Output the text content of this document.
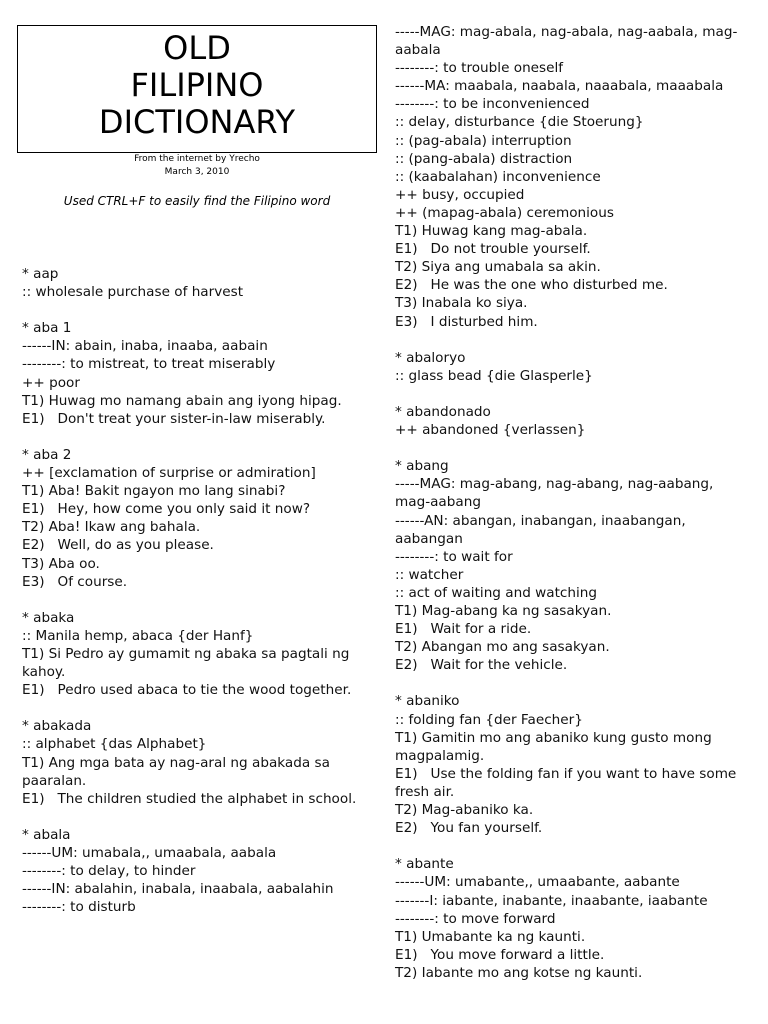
OLD
FILIPINO
DICTIONARY
From the internet by Yrecho
March 3, 2010
Used CTRL+F to easily find the Filipino word
* aap
:: wholesale purchase of harvest
* aba 1
------IN: abain, inaba, inaaba, aabain
--------: to mistreat, to treat miserably
++ poor
T1) Huwag mo namang abain ang iyong hipag.
E1)   Don't treat your sister-in-law miserably.
* aba 2
++ [exclamation of surprise or admiration]
T1) Aba! Bakit ngayon mo lang sinabi?
E1)   Hey, how come you only said it now?
T2) Aba! Ikaw ang bahala.
E2)   Well, do as you please.
T3) Aba oo.
E3)   Of course.
* abaka
:: Manila hemp, abaca {der Hanf}
T1) Si Pedro ay gumamit ng abaka sa pagtali ng kahoy.
E1)   Pedro used abaca to tie the wood together.
* abakada
:: alphabet {das Alphabet}
T1) Ang mga bata ay nag-aral ng abakada sa paaralan.
E1)   The children studied the alphabet in school.
* abala
------UM: umabala,, umaabala, aabala
--------: to delay, to hinder
------IN: abalahin, inabala, inaabala, aabalahin
--------: to disturb
-----MAG: mag-abala, nag-abala, nag-aabala, mag-aabala
--------: to trouble oneself
------MA: maabala, naabala, naaabala, maaabala
--------: to be inconvenienced
:: delay, disturbance {die Stoerung}
:: (pag-abala) interruption
:: (pang-abala) distraction
:: (kaabalahan) inconvenience
++ busy, occupied
++ (mapag-abala) ceremonious
T1) Huwag kang mag-abala.
E1)   Do not trouble yourself.
T2) Siya ang umabala sa akin.
E2)   He was the one who disturbed me.
T3) Inabala ko siya.
E3)   I disturbed him.
* abaloryo
:: glass bead {die Glasperle}
* abandonado
++ abandoned {verlassen}
* abang
-----MAG: mag-abang, nag-abang, nag-aabang, mag-aabang
------AN: abangan, inabangan, inaabangan, aabangan
--------: to wait for
:: watcher
:: act of waiting and watching
T1) Mag-abang ka ng sasakyan.
E1)   Wait for a ride.
T2) Abangan mo ang sasakyan.
E2)   Wait for the vehicle.
* abaniko
:: folding fan {der Faecher}
T1) Gamitin mo ang abaniko kung gusto mong magpalamig.
E1)   Use the folding fan if you want to have some fresh air.
T2) Mag-abaniko ka.
E2)   You fan yourself.
* abante
------UM: umabante,, umaabante, aabante
-------I: iabante, inabante, inaabante, iaabante
--------: to move forward
T1) Umabante ka ng kaunti.
E1)   You move forward a little.
T2) Iabante mo ang kotse ng kaunti.
